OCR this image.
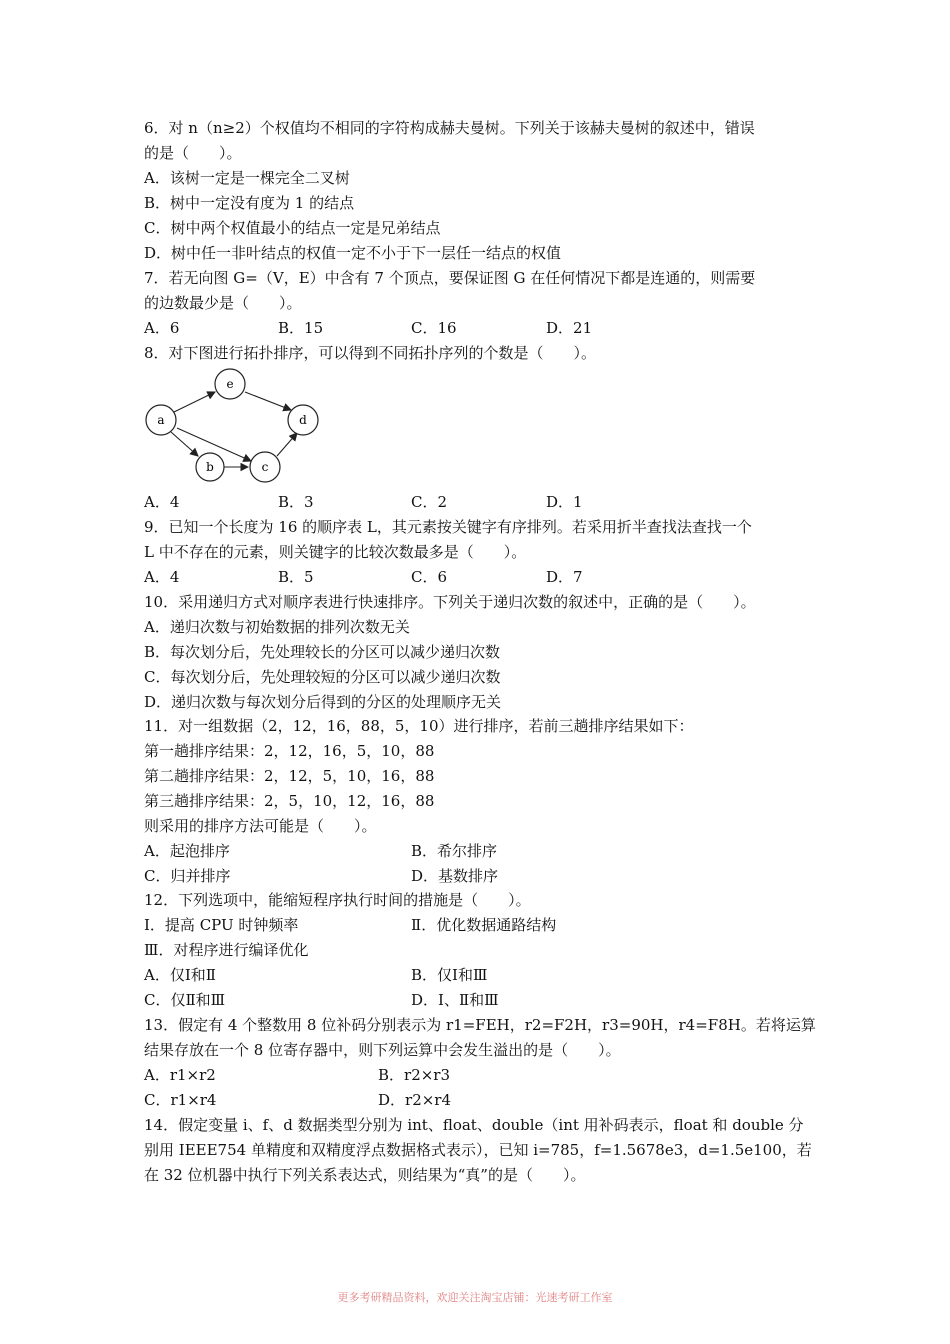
6．对 n（n≥2）个权值均不相同的字符构成赫夫曼树。下列关于该赫夫曼树的叙述中，错误
的是（　　）。
A．该树一定是一棵完全二叉树
B．树中一定没有度为 1 的结点
C．树中两个权值最小的结点一定是兄弟结点
D．树中任一非叶结点的权值一定不小于下一层任一结点的权值
7．若无向图 G=（V，E）中含有 7 个顶点，要保证图 G 在任何情况下都是连通的，则需要
的边数最少是（　　）。
A．6	B．15	C．16	D．21
8．对下图进行拓扑排序，可以得到不同拓扑序列的个数是（　　）。
a
e
d
b	c
A．4	B．3	C．2	D．1
9．已知一个长度为 16 的顺序表 L，其元素按关键字有序排列。若采用折半查找法查找一个
L 中不存在的元素，则关键字的比较次数最多是（　　）。
A．4	B．5	C．6	D．7
10．采用递归方式对顺序表进行快速排序。下列关于递归次数的叙述中，正确的是（　　）。
A．递归次数与初始数据的排列次数无关
B．每次划分后，先处理较长的分区可以减少递归次数
C．每次划分后，先处理较短的分区可以减少递归次数
D．递归次数与每次划分后得到的分区的处理顺序无关
11．对一组数据（2，12，16，88，5，10）进行排序，若前三趟排序结果如下：
第一趟排序结果：2，12，16，5，10，88
第二趟排序结果：2，12，5，10，16，88
第三趟排序结果：2，5，10，12，16，88
则采用的排序方法可能是（　　）。
A．起泡排序	B．希尔排序
C．归并排序	D．基数排序
12．下列选项中，能缩短程序执行时间的措施是（　　）。
Ⅰ．提高 CPU 时钟频率	Ⅱ．优化数据通路结构
Ⅲ．对程序进行编译优化
A．仅Ⅰ和Ⅱ	B．仅Ⅰ和Ⅲ
C．仅Ⅱ和Ⅲ	D．Ⅰ、Ⅱ和Ⅲ
13．假定有 4 个整数用 8 位补码分别表示为 r1=FEH，r2=F2H，r3=90H，r4=F8H。若将运算
结果存放在一个 8 位寄存器中，则下列运算中会发生溢出的是（　　）。
A．r1×r2	B．r2×r3
C．r1×r4	D．r2×r4
14．假定变量 i、f、d 数据类型分别为 int、float、double（int 用补码表示，float 和 double 分
别用 IEEE754 单精度和双精度浮点数据格式表示），已知 i=785，f=1.5678e3，d=1.5e100，若
在 32 位机器中执行下列关系表达式，则结果为“真”的是（　　）。
更多考研精品资料，欢迎关注淘宝店铺：光速考研工作室
